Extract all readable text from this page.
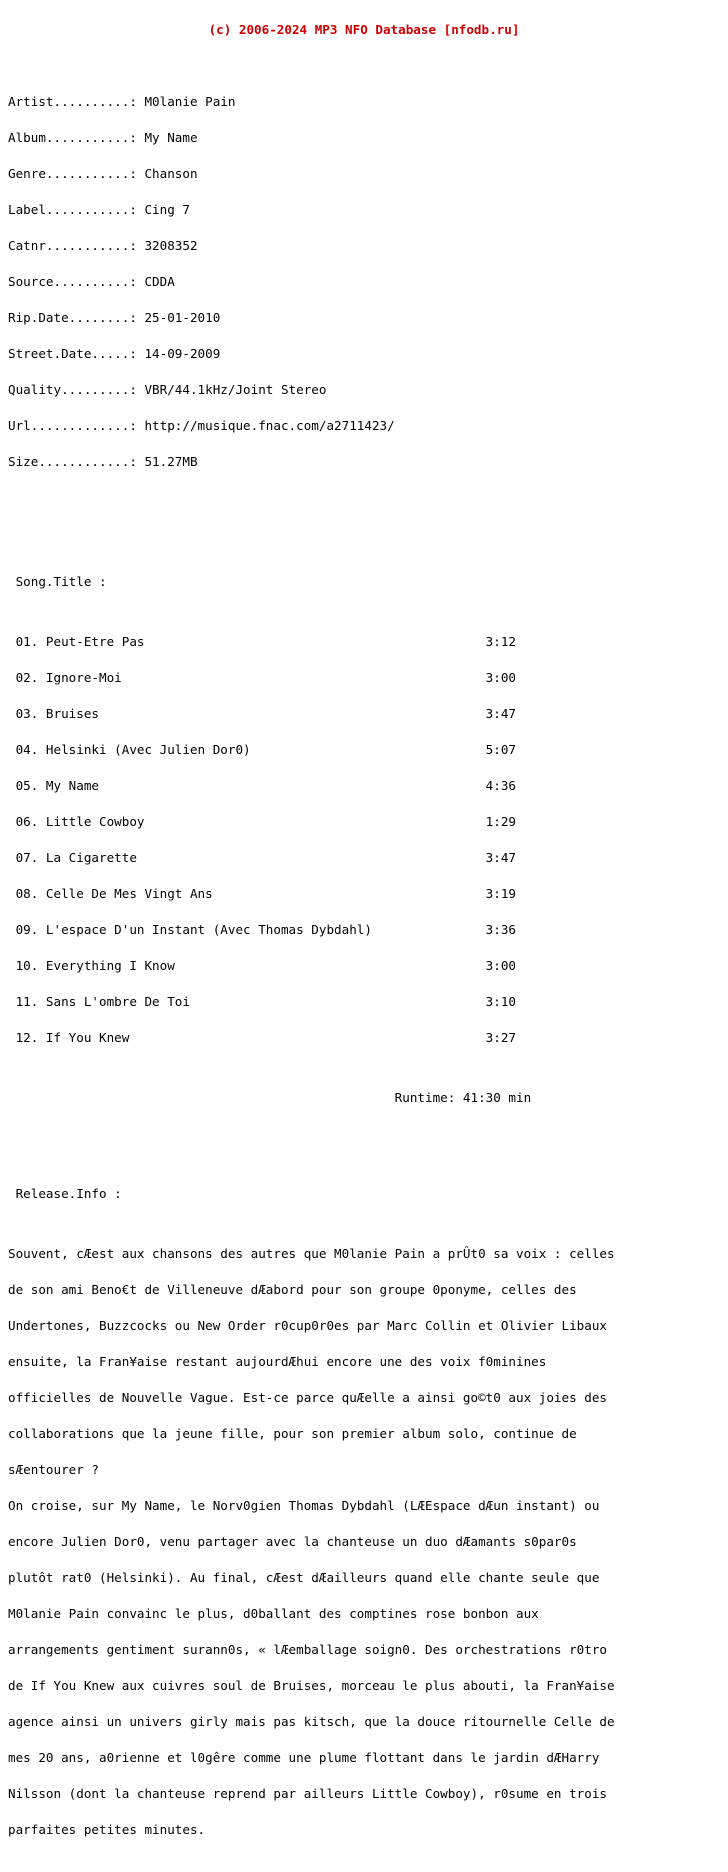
(c) 2006-2024 MP3 NFO Database [nfodb.ru]

Artist..........: M0lanie Pain

Album...........: My Name

Genre...........: Chanson

Label...........: Cing 7

Catnr...........: 3208352

Source..........: CDDA

Rip.Date........: 25-01-2010

Street.Date.....: 14-09-2009

Quality.........: VBR/44.1kHz/Joint Stereo

Url.............: http://musique.fnac.com/a2711423/

Size............: 51.27MB

Song.Title :

01. Peut-Etre Pas                                             3:12

02. Ignore-Moi                                                3:00

03. Bruises                                                   3:47

04. Helsinki (Avec Julien Dor0)                               5:07

05. My Name                                                   4:36

06. Little Cowboy                                             1:29

07. La Cigarette                                              3:47

08. Celle De Mes Vingt Ans                                    3:19

09. L'espace D'un Instant (Avec Thomas Dybdahl)               3:36

10. Everything I Know                                         3:00

11. Sans L'ombre De Toi                                       3:10

12. If You Knew                                               3:27

Runtime: 41:30 min

Release.Info :

Souvent, cÆest aux chansons des autres que M0lanie Pain a prÛt0 sa voix : celles

de son ami Beno€t de Villeneuve dÆabord pour son groupe 0ponyme, celles des

Undertones, Buzzcocks ou New Order r0cup0r0es par Marc Collin et Olivier Libaux

ensuite, la Fran¥aise restant aujourdÆhui encore une des voix f0minines

officielles de Nouvelle Vague. Est-ce parce quÆelle a ainsi go©t0 aux joies des

collaborations que la jeune fille, pour son premier album solo, continue de

sÆentourer ?

On croise, sur My Name, le Norv0gien Thomas Dybdahl (LÆEspace dÆun instant) ou

encore Julien Dor0, venu partager avec la chanteuse un duo dÆamants s0par0s

plutôt rat0 (Helsinki). Au final, cÆest dÆailleurs quand elle chante seule que

M0lanie Pain convainc le plus, d0ballant des comptines rose bonbon aux

arrangements gentiment surann0s, « lÆemballage soign0. Des orchestrations r0tro

de If You Knew aux cuivres soul de Bruises, morceau le plus abouti, la Fran¥aise

agence ainsi un univers girly mais pas kitsch, que la douce ritournelle Celle de

mes 20 ans, a0rienne et l0gêre comme une plume flottant dans le jardin dÆHarry

Nilsson (dont la chanteuse reprend par ailleurs Little Cowboy), r0sume en trois

parfaites petites minutes.
